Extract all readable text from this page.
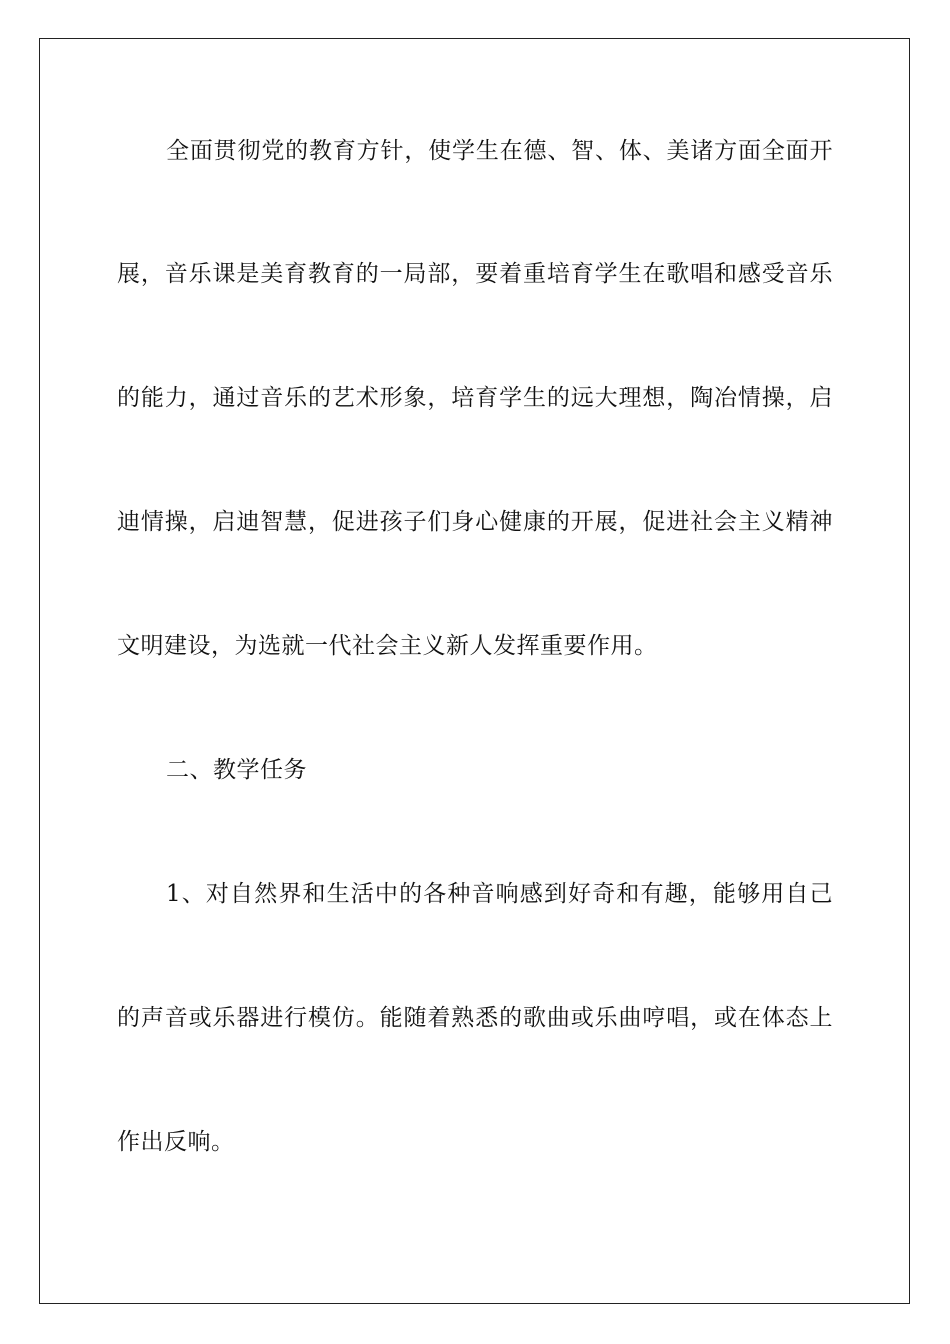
全面贯彻党的教育方针，使学生在德、智、体、美诸方面全面开
展，音乐课是美育教育的一局部，要着重培育学生在歌唱和感受音乐
的能力，通过音乐的艺术形象，培育学生的远大理想，陶冶情操，启
迪情操，启迪智慧，促进孩子们身心健康的开展，促进社会主义精神
文明建设，为选就一代社会主义新人发挥重要作用。
二、教学任务
1、对自然界和生活中的各种音响感到好奇和有趣，能够用自己
的声音或乐器进行模仿。能随着熟悉的歌曲或乐曲哼唱，或在体态上
作出反响。
